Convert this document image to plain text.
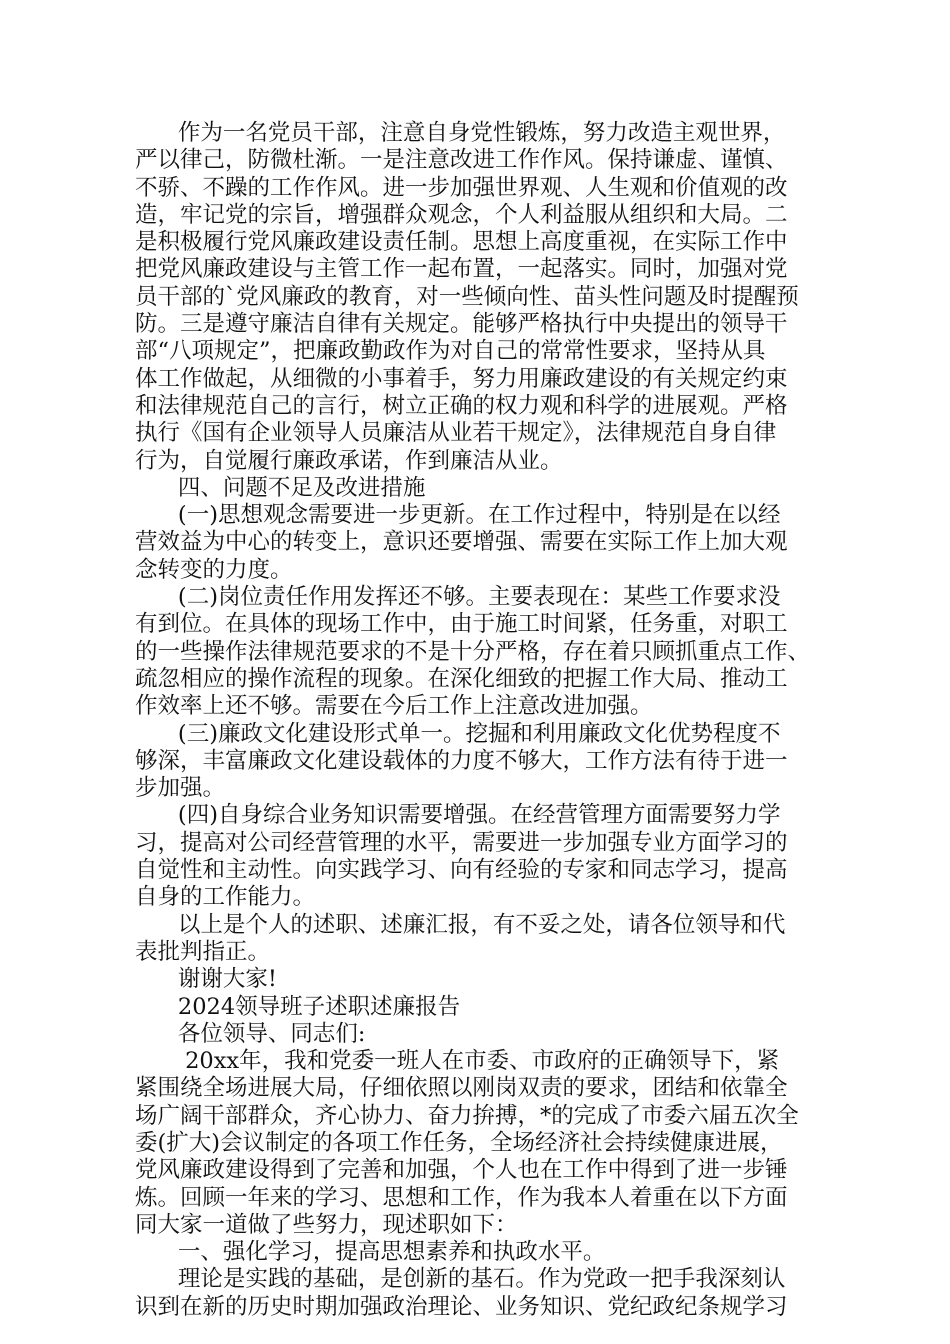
作为一名党员干部，注意自身党性锻炼，努力改造主观世界，
严以律己，防微杜渐。一是注意改进工作作风。保持谦虚、谨慎、
不骄、不躁的工作作风。进一步加强世界观、人生观和价值观的改
造，牢记党的宗旨，增强群众观念，个人利益服从组织和大局。二
是积极履行党风廉政建设责任制。思想上高度重视，在实际工作中
把党风廉政建设与主管工作一起布置，一起落实。同时，加强对党
员干部的`党风廉政的教育，对一些倾向性、苗头性问题及时提醒预
防。三是遵守廉洁自律有关规定。能够严格执行中央提出的领导干
部“八项规定”，把廉政勤政作为对自己的常常性要求，坚持从具
体工作做起，从细微的小事着手，努力用廉政建设的有关规定约束
和法律规范自己的言行，树立正确的权力观和科学的进展观。严格
执行《国有企业领导人员廉洁从业若干规定》，法律规范自身自律
行为，自觉履行廉政承诺，作到廉洁从业。
四、问题不足及改进措施
(一)思想观念需要进一步更新。在工作过程中，特别是在以经
营效益为中心的转变上，意识还要增强、需要在实际工作上加大观
念转变的力度。
(二)岗位责任作用发挥还不够。主要表现在：某些工作要求没
有到位。在具体的现场工作中，由于施工时间紧，任务重，对职工
的一些操作法律规范要求的不是十分严格，存在着只顾抓重点工作、
疏忽相应的操作流程的现象。在深化细致的把握工作大局、推动工
作效率上还不够。需要在今后工作上注意改进加强。
(三)廉政文化建设形式单一。挖掘和利用廉政文化优势程度不
够深，丰富廉政文化建设载体的力度不够大，工作方法有待于进一
步加强。
(四)自身综合业务知识需要增强。在经营管理方面需要努力学
习，提高对公司经营管理的水平，需要进一步加强专业方面学习的
自觉性和主动性。向实践学习、向有经验的专家和同志学习，提高
自身的工作能力。
以上是个人的述职、述廉汇报，有不妥之处，请各位领导和代
表批判指正。
谢谢大家!
2024领导班子述职述廉报告
各位领导、同志们:
20xx年，我和党委一班人在市委、市政府的正确领导下，紧
紧围绕全场进展大局，仔细依照以刚岗双责的要求，团结和依靠全
场广阔干部群众，齐心协力、奋力拚搏，*的完成了市委六届五次全
委(扩大)会议制定的各项工作任务，全场经济社会持续健康进展，
党风廉政建设得到了完善和加强，个人也在工作中得到了进一步锤
炼。回顾一年来的学习、思想和工作，作为我本人着重在以下方面
同大家一道做了些努力，现述职如下：
一、强化学习，提高思想素养和执政水平。
理论是实践的基础，是创新的基石。作为党政一把手我深刻认
识到在新的历史时期加强政治理论、业务知识、党纪政纪条规学习
